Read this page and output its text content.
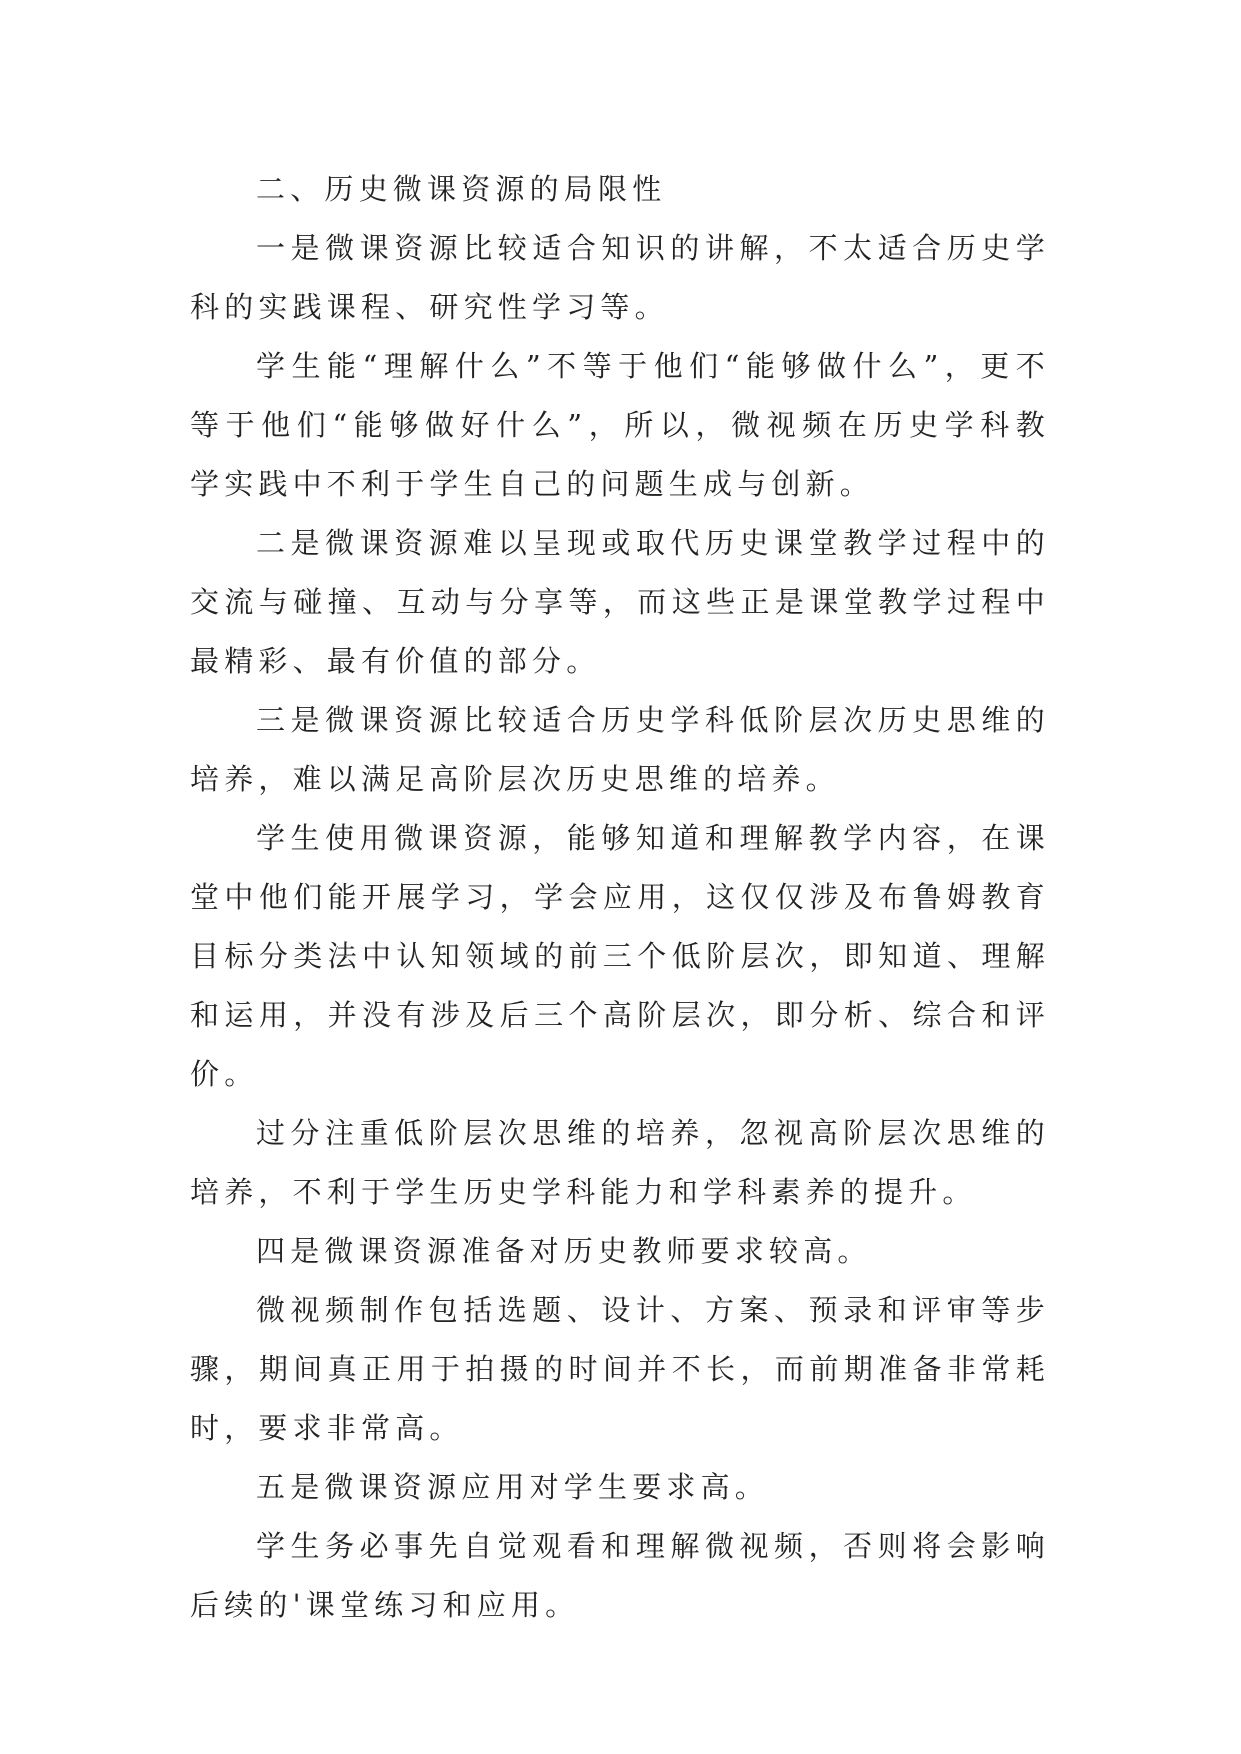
二、历史微课资源的局限性

一是微课资源比较适合知识的讲解，不太适合历史学科的实践课程、研究性学习等。

学生能“理解什么”不等于他们“能够做什么”，更不等于他们“能够做好什么”，所以，微视频在历史学科教学实践中不利于学生自己的问题生成与创新。

二是微课资源难以呈现或取代历史课堂教学过程中的交流与碰撞、互动与分享等，而这些正是课堂教学过程中最精彩、最有价值的部分。

三是微课资源比较适合历史学科低阶层次历史思维的培养，难以满足高阶层次历史思维的培养。

学生使用微课资源，能够知道和理解教学内容，在课堂中他们能开展学习，学会应用，这仅仅涉及布鲁姆教育目标分类法中认知领域的前三个低阶层次，即知道、理解和运用，并没有涉及后三个高阶层次，即分析、综合和评价。

过分注重低阶层次思维的培养，忽视高阶层次思维的培养，不利于学生历史学科能力和学科素养的提升。

四是微课资源准备对历史教师要求较高。

微视频制作包括选题、设计、方案、预录和评审等步骤，期间真正用于拍摄的时间并不长，而前期准备非常耗时，要求非常高。

五是微课资源应用对学生要求高。

学生务必事先自觉观看和理解微视频，否则将会影响后续的'课堂练习和应用。
